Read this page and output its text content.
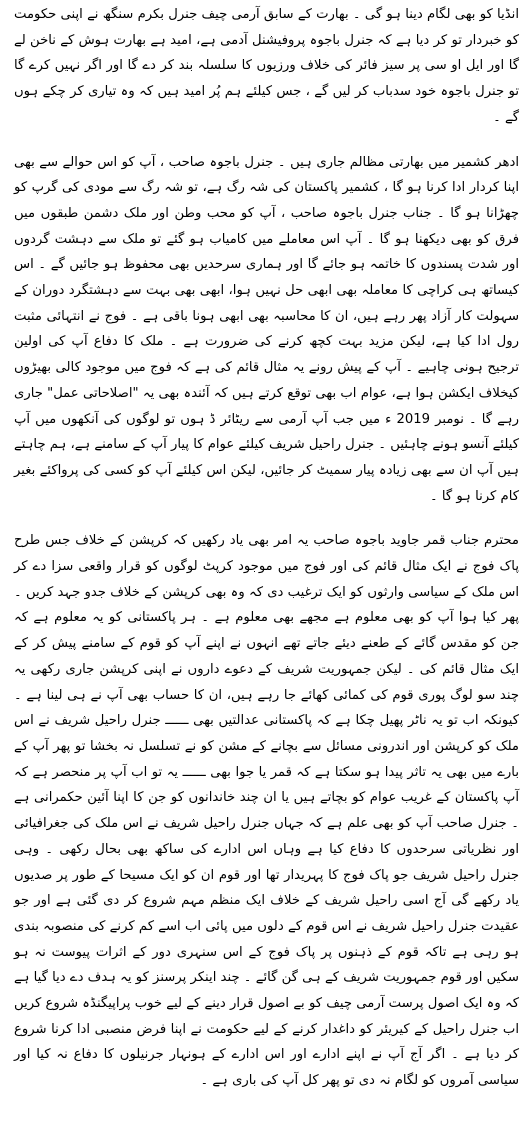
انڈیا کو بھی لگام دینا ہو گی ۔ بھارت کے سابق آرمی چیف جنرل بکرم سنگھ نے اپنی حکومت کو خبردار تو کر دیا ہے کہ جنرل باجوہ پروفیشنل آدمی ہے، امید ہے بھارت ہوش کے ناخن لے گا اور ایل او سی پر سیز فائر کی خلاف ورزیوں کا سلسلہ بند کر دے گا اور اگر نہیں کرے گا تو جنرل باجوہ خود سدباب کر لیں گے ، جس کیلئے ہم پُر امید ہیں کہ وہ تیاری کر چکے ہوں گے ۔

ادھر کشمیر میں بھارتی مظالم جاری ہیں ۔ جنرل باجوہ صاحب ، آپ کو اس حوالے سے بھی اپنا کردار ادا کرنا ہو گا ، کشمیر پاکستان کی شہ رگ ہے، تو شہ رگ سے مودی کی گرپ کو چھڑانا ہو گا ۔ جناب جنرل باجوہ صاحب ، آپ کو محب وطن اور ملک دشمن طبقوں میں فرق کو بھی دیکھنا ہو گا ۔ آپ اس معاملے میں کامیاب ہو گئے تو ملک سے دہشت گردوں اور شدت پسندوں کا خاتمہ ہو جائے گا اور ہماری سرحدیں بھی محفوظ ہو جائیں گے ۔ اس کیساتھ ہی کراچی کا معاملہ بھی ابھی حل نہیں ہوا، ابھی بھی بہت سے دہشتگرد دوران کے سہولت کار آزاد پھر رہے ہیں، ان کا محاسبہ بھی ابھی ہونا باقی ہے ۔ فوج نے انتہائی مثبت رول ادا کیا ہے، لیکن مزید بہت کچھ کرنے کی ضرورت ہے ۔ ملک کا دفاع آپ کی اولین ترجیح ہونی چاہیے ۔ آپ کے پیش رونے یہ مثال قائم کی ہے کہ فوج میں موجود کالی بھیڑوں کیخلاف ایکشن ہوا ہے، عوام اب بھی توقع کرتے ہیں کہ آئندہ بھی یہ "اصلاحاتی عمل" جاری رہے گا ۔ نومبر 2019 ء میں جب آپ آرمی سے ریٹائر ڈ ہوں تو لوگوں کی آنکھوں میں آپ کیلئے آنسو ہونے چاہئیں ۔ جنرل راحیل شریف کیلئے عوام کا پیار آپ کے سامنے ہے، ہم چاہتے ہیں آپ ان سے بھی زیادہ پیار سمیٹ کر جائیں، لیکن اس کیلئے آپ کو کسی کی پرواکئے بغیر کام کرنا ہو گا ۔

محترم جناب قمر جاوید باجوہ صاحب یہ امر بھی یاد رکھیں کہ کرپشن کے خلاف جس طرح پاک فوج نے ایک مثال قائم کی اور فوج میں موجود کرپٹ لوگوں کو قرار واقعی سزا دے کر اس ملک کے سیاسی وارثوں کو ایک ترغیب دی کہ وہ بھی کرپشن کے خلاف جدو جہد کریں ۔ پھر کیا ہوا آپ کو بھی معلوم ہے مجھے بھی معلوم ہے ۔ ہر پاکستانی کو یہ معلوم ہے کہ جن کو مقدس گائے کے طعنے دیئے جاتے تھے انہوں نے اپنے آپ کو قوم کے سامنے پیش کر کے ایک مثال قائم کی ۔ لیکن جمہوریت شریف کے دعوے داروں نے اپنی کرپشن جاری رکھی یہ چند سو لوگ پوری قوم کی کمائی کھائے جا رہے ہیں، ان کا حساب بھی آپ نے ہی لینا ہے ۔ کیونکہ اب تو یہ ناٹر پھیل چکا ہے کہ پاکستانی عدالتیں بھی ــــــ جنرل راحیل شریف نے اس ملک کو کرپشن اور اندرونی مسائل سے بچانے کے مشن کو نے تسلسل نہ بخشا تو پھر آپ کے بارے میں بھی یہ تاثر پیدا ہو سکتا ہے کہ قمر یا جوا بھی ــــــ یہ تو اب آپ پر منحصر ہے کہ آپ پاکستان کے غریب عوام کو بچاتے ہیں یا ان چند خاندانوں کو جن کا اپنا آئین حکمرانی ہے ۔ جنرل صاحب آپ کو بھی علم ہے کہ جہاں جنرل راحیل شریف نے اس ملک کی جغرافیائی اور نظریاتی سرحدوں کا دفاع کیا ہے وہاں اس ادارے کی ساکھ بھی بحال رکھی ۔ وہی جنرل راحیل شریف جو پاک فوج کا پہریدار تھا اور قوم ان کو ایک مسیحا کے طور پر صدیوں یاد رکھے گی آج اسی راحیل شریف کے خلاف ایک منظم مہم شروع کر دی گئی ہے اور جو عقیدت جنرل راحیل شریف نے اس قوم کے دلوں میں پائی اب اسے کم کرنے کی منصوبہ بندی ہو رہی ہے تاکہ قوم کے ذہنوں پر پاک فوج کے اس سنہری دور کے اثرات پیوست نہ ہو سکیں اور قوم جمہوریت شریف کے ہی گن گائے ۔ چند اینکر پرسنز کو یہ ہدف دے دیا گیا ہے کہ وہ ایک اصول پرست آرمی چیف کو بے اصول قرار دینے کے لیے خوب پراپیگنڈہ شروع کریں اب جنرل راحیل کے کیریئر کو داغدار کرنے کے لیے حکومت نے اپنا فرض منصبی ادا کرنا شروع کر دیا ہے ۔ اگر آج آپ نے اپنے ادارے اور اس ادارے کے ہونہار جرنیلوں کا دفاع نہ کیا اور سیاسی آمروں کو لگام نہ دی تو پھر کل آپ کی باری ہے ۔
